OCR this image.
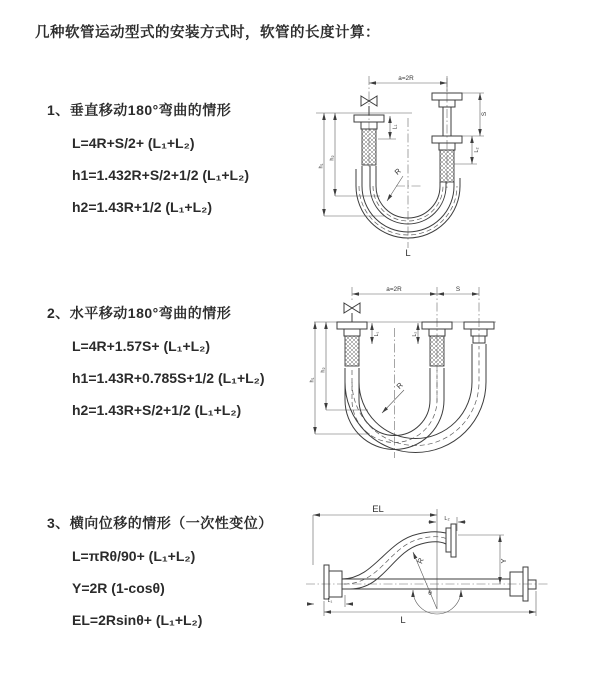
几种软管运动型式的安装方式时，软管的长度计算：
1、垂直移动180°弯曲的情形
L=4R+S/2+ (L₁+L₂)
h1=1.432R+S/2+1/2 (L₁+L₂)
h2=1.43R+1/2 (L₁+L₂)
2、水平移动180°弯曲的情形
L=4R+1.57S+ (L₁+L₂)
h1=1.43R+0.785S+1/2 (L₁+L₂)
h2=1.43R+S/2+1/2 (L₁+L₂)
3、横向位移的情形（一次性变位）
L=πRθ/90+ (L₁+L₂)
Y=2R (1-cosθ)
EL=2Rsinθ+ (L₁+L₂)
a=2R
L₁
S
L₂
h₁
h₂
R
L
a=2R	S
L₁	L₂
h₁
h₂
R
EL
L₂
R
θ
Y
L₁
L
